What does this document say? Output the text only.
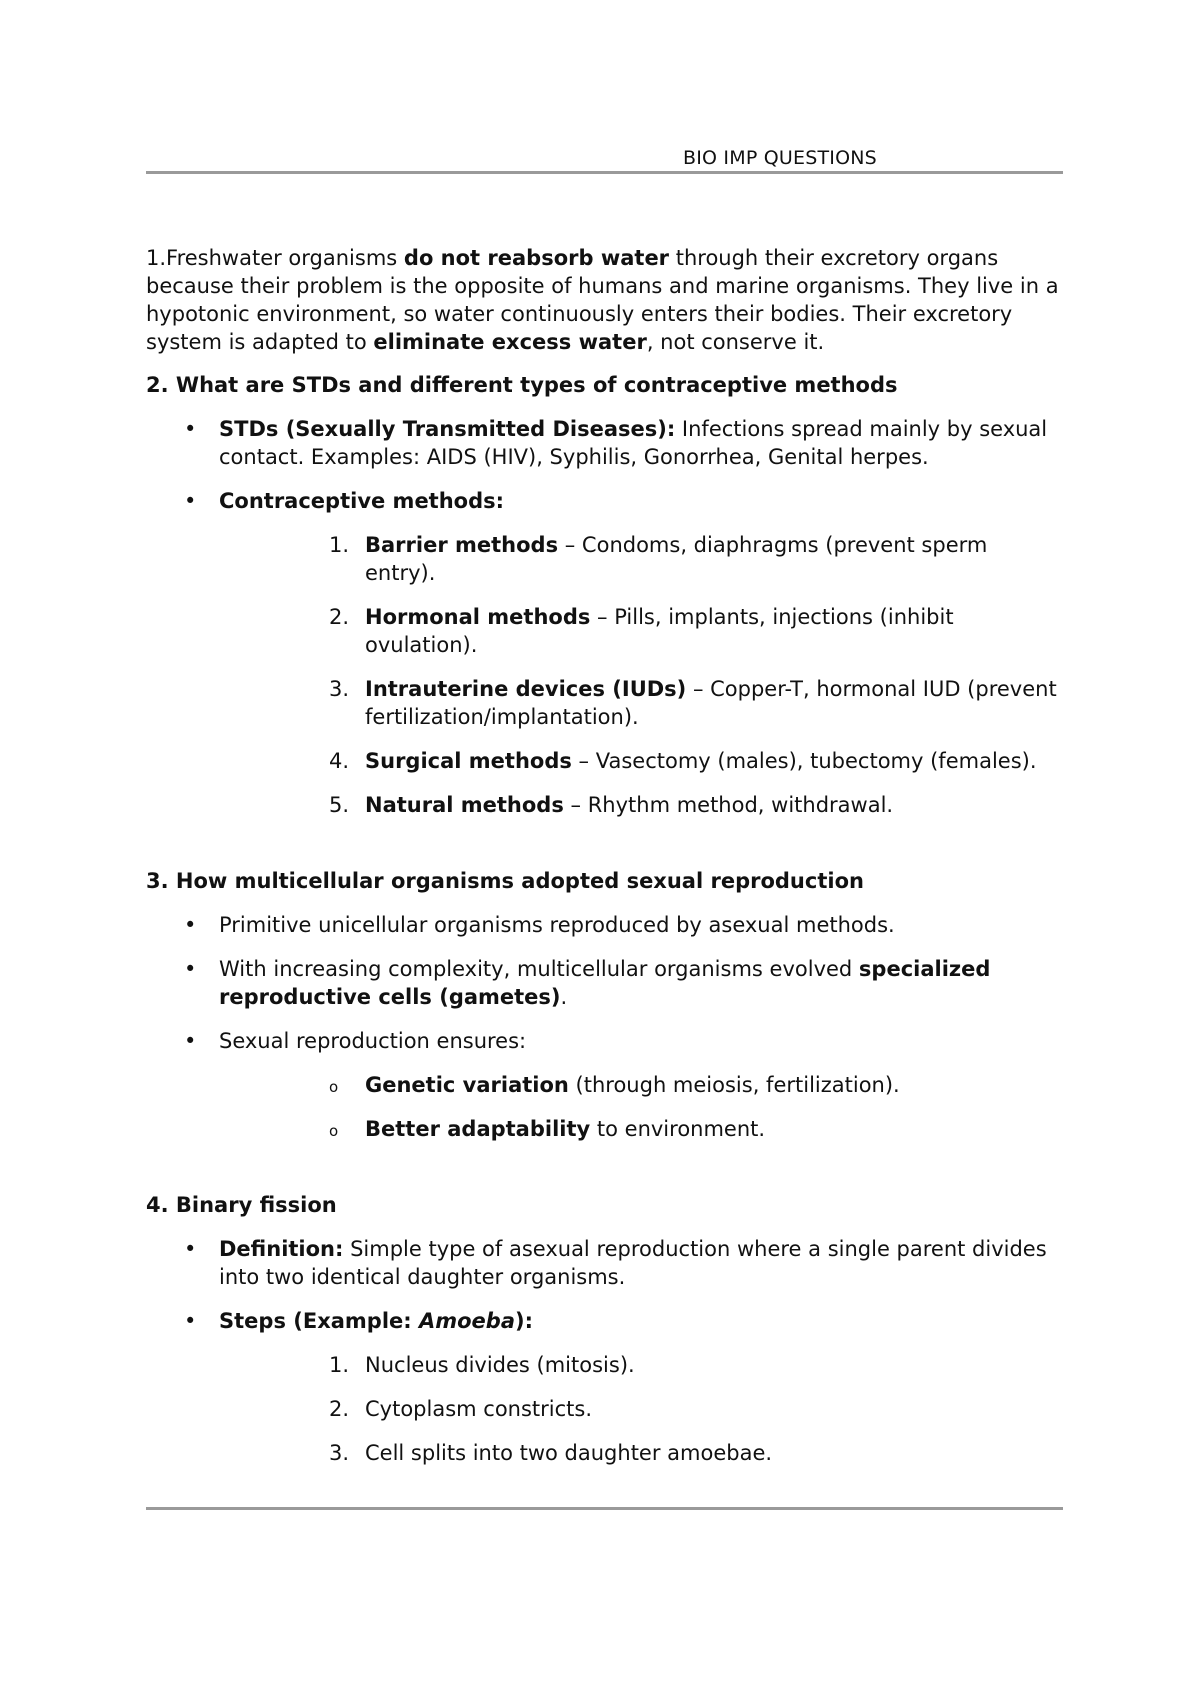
BIO IMP QUESTIONS

1.Freshwater organisms do not reabsorb water through their excretory organs because their problem is the opposite of humans and marine organisms. They live in a hypotonic environment, so water continuously enters their bodies. Their excretory system is adapted to eliminate excess water, not conserve it.

2. What are STDs and different types of contraceptive methods

• STDs (Sexually Transmitted Diseases): Infections spread mainly by sexual contact. Examples: AIDS (HIV), Syphilis, Gonorrhea, Genital herpes.
• Contraceptive methods:
1. Barrier methods – Condoms, diaphragms (prevent sperm entry).
2. Hormonal methods – Pills, implants, injections (inhibit ovulation).
3. Intrauterine devices (IUDs) – Copper-T, hormonal IUD (prevent fertilization/implantation).
4. Surgical methods – Vasectomy (males), tubectomy (females).
5. Natural methods – Rhythm method, withdrawal.

3. How multicellular organisms adopted sexual reproduction

• Primitive unicellular organisms reproduced by asexual methods.
• With increasing complexity, multicellular organisms evolved specialized reproductive cells (gametes).
• Sexual reproduction ensures:
o Genetic variation (through meiosis, fertilization).
o Better adaptability to environment.

4. Binary fission

• Definition: Simple type of asexual reproduction where a single parent divides into two identical daughter organisms.
• Steps (Example: Amoeba):
1. Nucleus divides (mitosis).
2. Cytoplasm constricts.
3. Cell splits into two daughter amoebae.
